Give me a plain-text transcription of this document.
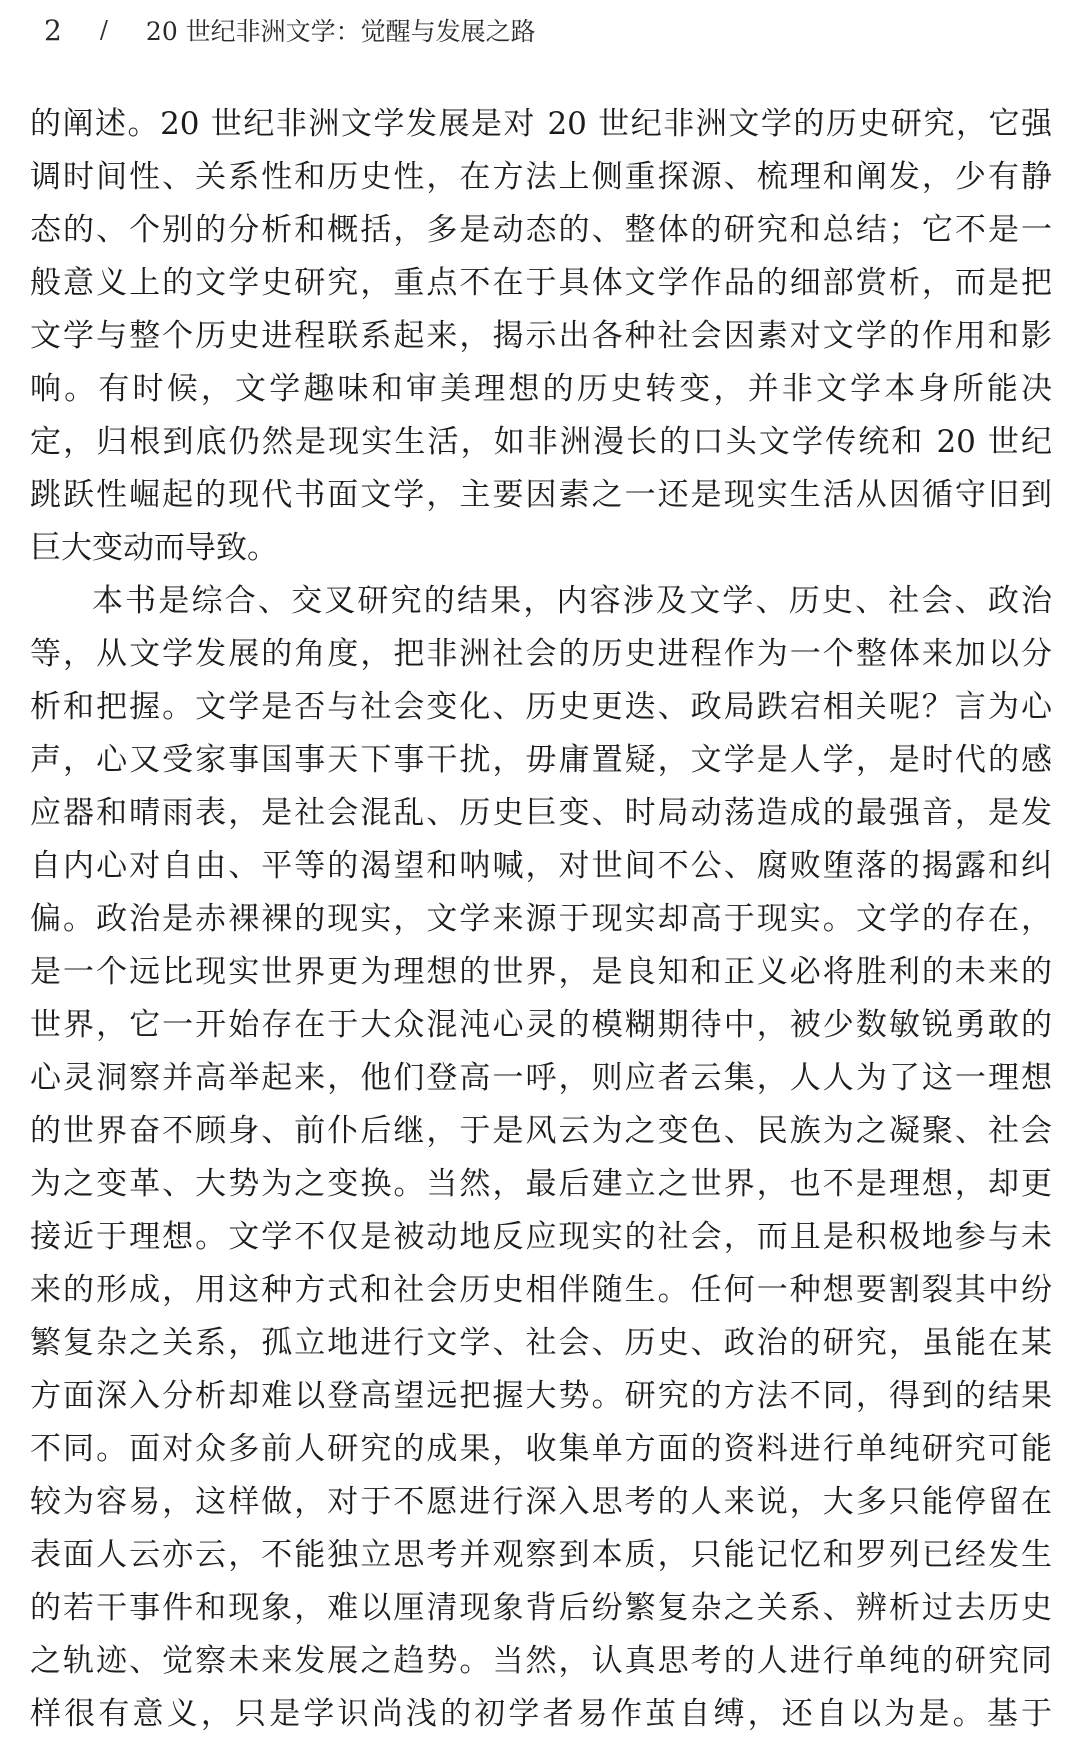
2 / 20 世纪非洲文学：觉醒与发展之路
的阐述。20 世纪非洲文学发展是对 20 世纪非洲文学的历史研究，它强
调时间性、关系性和历史性，在方法上侧重探源、梳理和阐发，少有静
态的、个别的分析和概括，多是动态的、整体的研究和总结；它不是一
般意义上的文学史研究，重点不在于具体文学作品的细部赏析，而是把
文学与整个历史进程联系起来，揭示出各种社会因素对文学的作用和影
响。有时候，文学趣味和审美理想的历史转变，并非文学本身所能决
定，归根到底仍然是现实生活，如非洲漫长的口头文学传统和 20 世纪
跳跃性崛起的现代书面文学，主要因素之一还是现实生活从因循守旧到
巨大变动而导致。
本书是综合、交叉研究的结果，内容涉及文学、历史、社会、政治
等，从文学发展的角度，把非洲社会的历史进程作为一个整体来加以分
析和把握。文学是否与社会变化、历史更迭、政局跌宕相关呢？言为心
声，心又受家事国事天下事干扰，毋庸置疑，文学是人学，是时代的感
应器和晴雨表，是社会混乱、历史巨变、时局动荡造成的最强音，是发
自内心对自由、平等的渴望和呐喊，对世间不公、腐败堕落的揭露和纠
偏。政治是赤裸裸的现实，文学来源于现实却高于现实。文学的存在，
是一个远比现实世界更为理想的世界，是良知和正义必将胜利的未来的
世界，它一开始存在于大众混沌心灵的模糊期待中，被少数敏锐勇敢的
心灵洞察并高举起来，他们登高一呼，则应者云集，人人为了这一理想
的世界奋不顾身、前仆后继，于是风云为之变色、民族为之凝聚、社会
为之变革、大势为之变换。当然，最后建立之世界，也不是理想，却更
接近于理想。文学不仅是被动地反应现实的社会，而且是积极地参与未
来的形成，用这种方式和社会历史相伴随生。任何一种想要割裂其中纷
繁复杂之关系，孤立地进行文学、社会、历史、政治的研究，虽能在某
方面深入分析却难以登高望远把握大势。研究的方法不同，得到的结果
不同。面对众多前人研究的成果，收集单方面的资料进行单纯研究可能
较为容易，这样做，对于不愿进行深入思考的人来说，大多只能停留在
表面人云亦云，不能独立思考并观察到本质，只能记忆和罗列已经发生
的若干事件和现象，难以厘清现象背后纷繁复杂之关系、辨析过去历史
之轨迹、觉察未来发展之趋势。当然，认真思考的人进行单纯的研究同
样很有意义，只是学识尚浅的初学者易作茧自缚，还自以为是。基于
